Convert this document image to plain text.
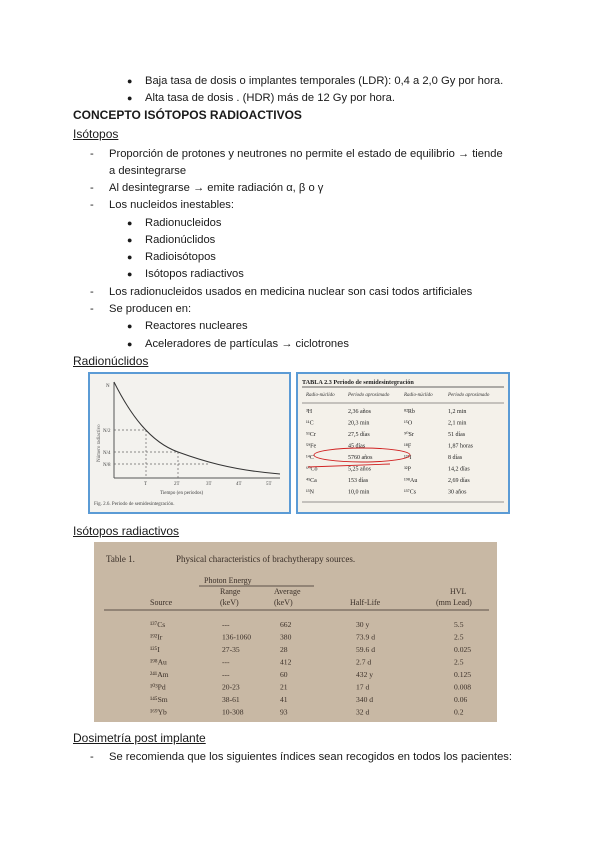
● Baja tasa de dosis o implantes temporales (LDR): 0,4 a 2,0 Gy por hora.
● Alta tasa de dosis . (HDR) más de 12 Gy por hora.
CONCEPTO ISÓTOPOS RADIOACTIVOS
Isótopos
- Proporción de protones y neutrones no permite el estado de equilibrio → tiende
a desintegrarse
- Al desintegrarse → emite radiación α, β o γ
- Los nucleidos inestables:
● Radionucleidos
● Radionúclidos
● Radioisótopos
● Isótopos radiactivos
- Los radionucleidos usados en medicina nuclear son casi todos artificiales
- Se producen en:
● Reactores nucleares
● Aceleradores de partículas → ciclotrones
Radionúclidos
Número radiactivo
N
N/2
N/4
N/8
T	2T	3T	4T	5T
Tiempo (en periodos)
Fig. 2.6. Periodo de semidesintegración.
TABLA 2.3 Periodo de semidesintegración
Radio-núclido	Periodo aproximado	Radio-núclido	Periodo aproximado
³H	2,36 años	⁸²Rb	1,2 min
¹¹C	20,3 min	¹⁵O	2,1 min
⁵¹Cr	27,5 días	⁹⁰Sr	51 días
⁵⁹Fe	45 días	¹⁸F	1,87 horas
¹⁴C	5760 años	¹³¹I	8 días
⁶⁰Co	5,25 años	³²P	14,2 días
⁴⁵Ca	153 días	¹⁹⁸Au	2,69 días
¹³N	10,0 min	¹³⁷Cs	30 años
Isótopos radiactivos
Table 1.	Physical characteristics of brachytherapy sources.
Photon Energy
Range	Average	HVL
Source	(keV)	(keV)	Half-Life	(mm Lead)
¹³⁷Cs	---	662	30 y	5.5
¹⁹²Ir	136-1060	380	73.9 d	2.5
¹²⁵I	27-35	28	59.6 d	0.025
¹⁹⁸Au	---	412	2.7 d	2.5
²⁴¹Am	---	60	432 y	0.125
¹⁰³Pd	20-23	21	17 d	0.008
¹⁴⁵Sm	38-61	41	340 d	0.06
¹⁶⁹Yb	10-308	93	32 d	0.2
Dosimetría post implante
- Se recomienda que los siguientes índices sean recogidos en todos los pacientes:
